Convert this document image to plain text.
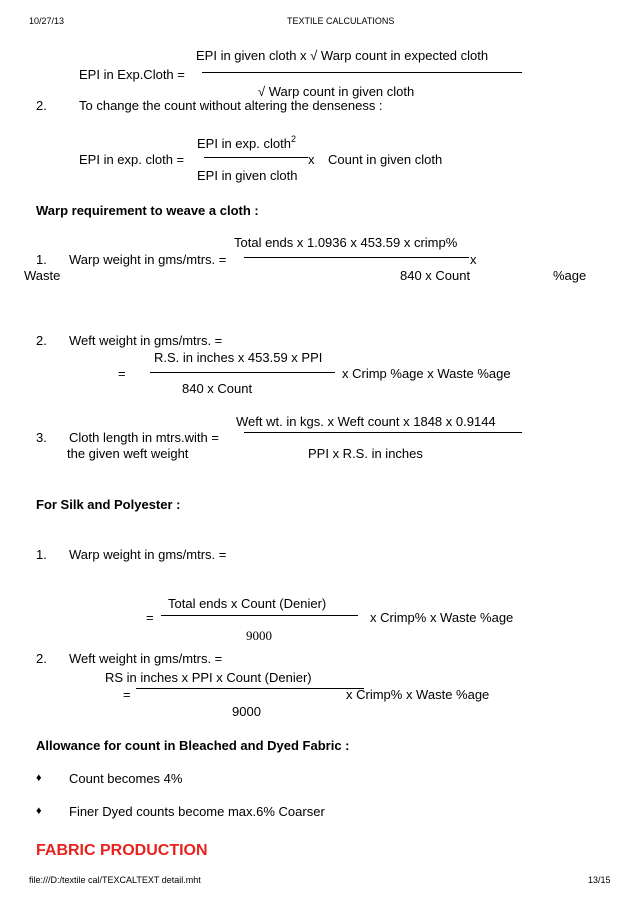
10/27/13	TEXTILE CALCULATIONS
EPI in given cloth x √ Warp count in expected cloth
EPI in Exp.Cloth =
√ Warp count in given cloth
2. To change the count without altering the denseness :
EPI in exp. cloth$^2$
EPI in exp. cloth =	x Count in given cloth
EPI in given cloth
Warp requirement to weave a cloth :
Total ends x 1.0936 x 453.59 x crimp%
1. Warp weight in gms/mtrs. =	x
Waste	840 x Count	%age
2. Weft weight in gms/mtrs. =
R.S. in inches x 453.59 x PPI
=	x Crimp %age x Waste %age
840 x Count
Weft wt. in kgs. x Weft count x 1848 x 0.9144
3. Cloth length in mtrs.with =
the given weft weight	PPI x R.S. in inches
For Silk and Polyester :
1. Warp weight in gms/mtrs. =
Total ends x Count (Denier)
=	x Crimp% x Waste %age
9000
2. Weft weight in gms/mtrs. =
RS in inches x PPI x Count (Denier)
=	x Crimp% x Waste %age
9000
Allowance for count in Bleached and Dyed Fabric :
♦ Count becomes 4%
♦ Finer Dyed counts become max.6% Coarser
FABRIC PRODUCTION
file:///D:/textile cal/TEXCALTEXT detail.mht	13/15
